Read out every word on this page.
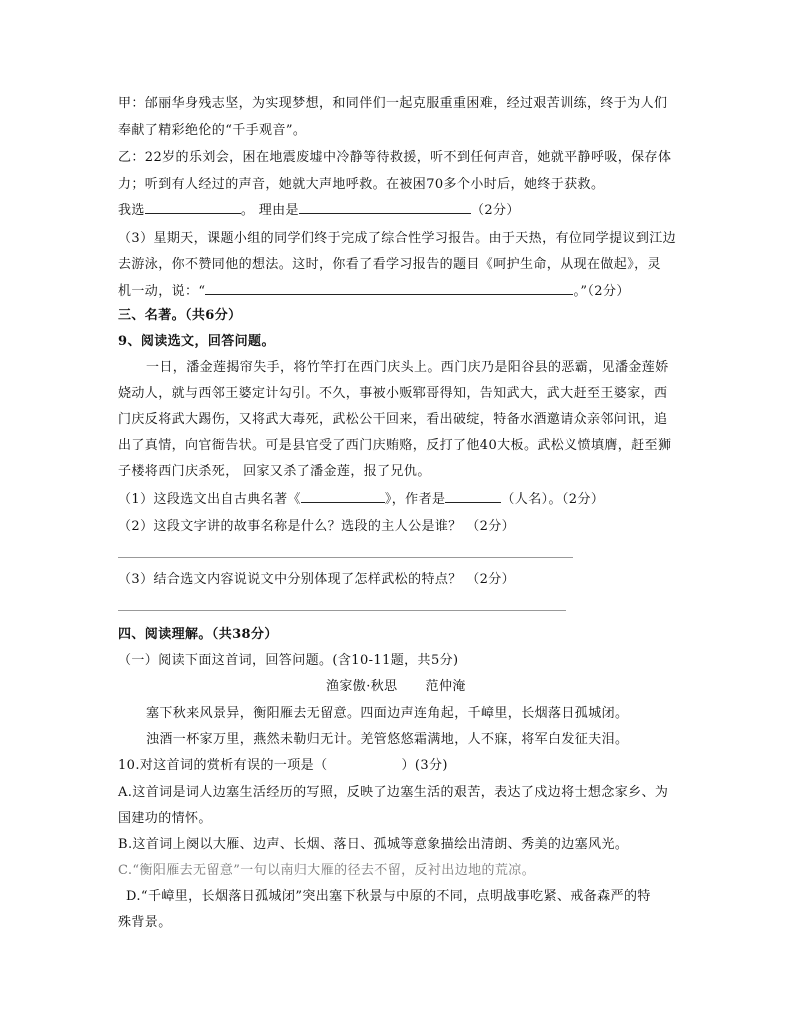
甲：邰丽华身残志坚，为实现梦想，和同伴们一起克服重重困难，经过艰苦训练，终于为人们
奉献了精彩绝伦的“千手观音”。
乙：22岁的乐刘会，困在地震废墟中冷静等待救援，听不到任何声音，她就平静呼吸，保存体
力；听到有人经过的声音，她就大声地呼救。在被困70多个小时后，她终于获救。
我选	。 理由是	（2分）
（3）星期天，课题小组的同学们终于完成了综合性学习报告。由于天热，有位同学提议到江边
去游泳，你不赞同他的想法。这时，你看了看学习报告的题目《呵护生命，从现在做起》，灵
机一动，说：“	。”（2分）
三、名著。（共6分）
9、阅读选文，回答问题。
一日，潘金莲揭帘失手，将竹竿打在西门庆头上。西门庆乃是阳谷县的恶霸，见潘金莲娇
娆动人，就与西邻王婆定计勾引。不久，事被小贩郓哥得知，告知武大，武大赶至王婆家，西
门庆反将武大踢伤，又将武大毒死，武松公干回来，看出破绽，特备水酒邀请众亲邻问讯，追
出了真情，向官衙告状。可是县官受了西门庆贿赂，反打了他40大板。武松义愤填膺，赶至狮
子楼将西门庆杀死， 回家又杀了潘金莲，报了兄仇。
（1）这段选文出自古典名著《	》，作者是	（人名）。（2分）
（2）这段文字讲的故事名称是什么？选段的主人公是谁？ （2分）
（3）结合选文内容说说文中分别体现了怎样武松的特点？ （2分）
四、阅读理解。（共38分）
（一）阅读下面这首词，回答问题。(含10-11题，共5分)
渔家傲·秋思 范仲淹
塞下秋来风景异，衡阳雁去无留意。四面边声连角起，千嶂里，长烟落日孤城闭。
浊酒一杯家万里，燕然未勒归无计。羌管悠悠霜满地，人不寐，将军白发征夫泪。
10.对这首词的赏析有误的一项是（	）(3分)
A.这首词是词人边塞生活经历的写照，反映了边塞生活的艰苦，表达了戍边将士想念家乡、为
国建功的情怀。
B.这首词上阕以大雁、边声、长烟、落日、孤城等意象描绘出清朗、秀美的边塞风光。
C.“衡阳雁去无留意”一句以南归大雁的径去不留，反衬出边地的荒凉。
D.“千嶂里，长烟落日孤城闭”突出塞下秋景与中原的不同，点明战事吃紧、戒备森严的特
殊背景。
